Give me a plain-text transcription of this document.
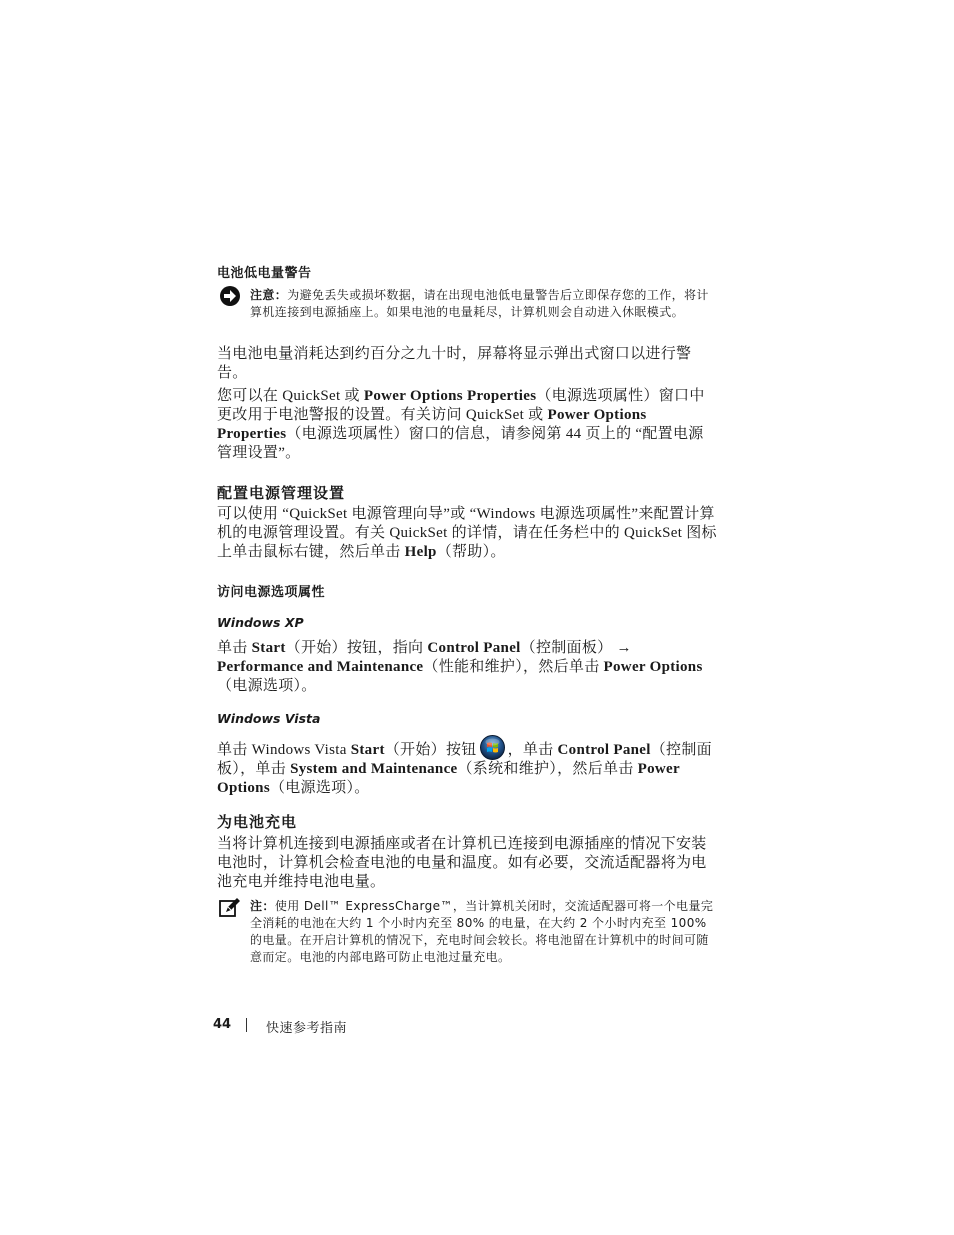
电池低电量警告
注意：为避免丢失或损坏数据，请在出现电池低电量警告后立即保存您的工作，将计算机连接到电源插座上。如果电池的电量耗尽，计算机则会自动进入休眠模式。
当电池电量消耗达到约百分之九十时，屏幕将显示弹出式窗口以进行警告。
您可以在 QuickSet 或 Power Options Properties（电源选项属性）窗口中更改用于电池警报的设置。有关访问 QuickSet 或 Power Options Properties（电源选项属性）窗口的信息，请参阅第 44 页上的 “配置电源管理设置”。
配置电源管理设置
可以使用 “QuickSet 电源管理向导”或 “Windows 电源选项属性”来配置计算机的电源管理设置。有关 QuickSet 的详情，请在任务栏中的 QuickSet 图标上单击鼠标右键，然后单击 Help（帮助）。
访问电源选项属性
Windows XP
单击 Start（开始）按钮，指向 Control Panel（控制面板） → Performance and Maintenance（性能和维护），然后单击 Power Options（电源选项）。
Windows Vista
单击 Windows Vista Start（开始）按钮 ，单击 Control Panel（控制面板），单击 System and Maintenance（系统和维护），然后单击 Power Options（电源选项）。
为电池充电
当将计算机连接到电源插座或者在计算机已连接到电源插座的情况下安装电池时，计算机会检查电池的电量和温度。如有必要，交流适配器将为电池充电并维持电池电量。
注：使用 Dell™ ExpressCharge™，当计算机关闭时，交流适配器可将一个电量完全消耗的电池在大约 1 个小时内充至 80% 的电量，在大约 2 个小时内充至 100% 的电量。在开启计算机的情况下，充电时间会较长。将电池留在计算机中的时间可随意而定。电池的内部电路可防止电池过量充电。
44	快速参考指南
